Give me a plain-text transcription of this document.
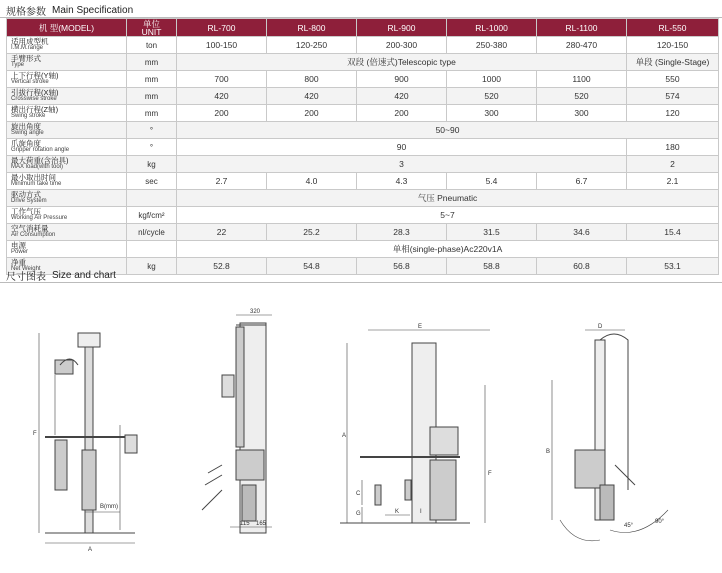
规格参数 Main Specification
机 型(MODEL)	单位
UNIT	RL-700	RL-800	RL-900	RL-1000	RL-1100	RL-550

适用成型机
I.M.M.range	ton	100-150	120-250	200-300	250-380	280-470	120-150

手臂形式
Type	mm	双段 (倍速式)Telescopic type					单段 (Single-Stage)

上下行程(Y轴)
Vertical stroke	mm	700	800	900	1000	1100	550

引拔行程(X轴)
Crosswise stroke	mm	420	420	420	520	520	574

横出行程(Z轴)
Swing stroke	mm	200	200	200	300	300	120

旋出角度
Swing angle	°	50~90					

爪旋角度
Gripper rotation angle	°	90					180

最大荷重(含治具)
MAX load(with tool)	kg	3					2

最小取出时间
Minimum take time	sec	2.7	4.0	4.3	5.4	6.7	2.1

驱动方式
Drive System		气压 Pneumatic					

工作气压
Working Air Pressure	kgf/cm²	5~7					

空气消耗量
Air Consumption	nl/cycle	22	25.2	28.3	31.5	34.6	15.4

电源
Power		单相(single-phase)Ac220v1A					

净重
Net Weight	kg	52.8	54.8	56.8	58.8	60.8	53.1
尺寸图表 Size and chart
F
A
B(mm)
320
115 165
E
A
F
C
G	K	I
D
B
45°
90°
